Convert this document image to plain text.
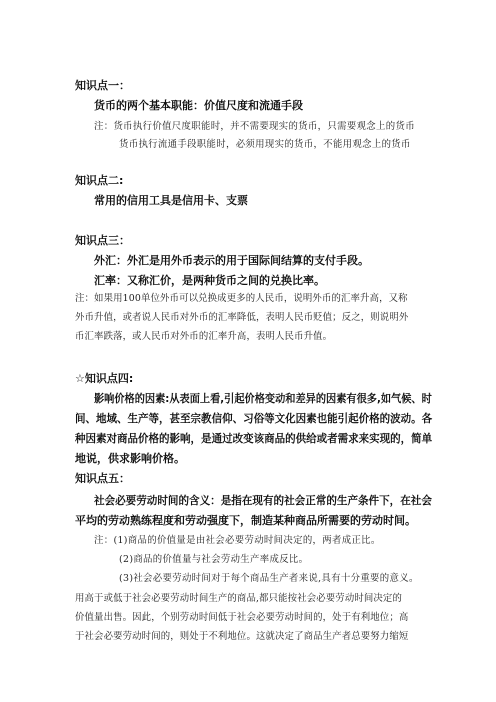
知识点一：
货币的两个基本职能：价值尺度和流通手段
注：货币执行价值尺度职能时，并不需要现实的货币，只需要观念上的货币
货币执行流通手段职能时，必须用现实的货币，不能用观念上的货币
知识点二:
常用的信用工具是信用卡、支票
知识点三：
外汇：外汇是用外币表示的用于国际间结算的支付手段。
汇率：又称汇价，是两种货币之间的兑换比率。
注：如果用100单位外币可以兑换成更多的人民币，说明外币的汇率升高，又称
外币升值，或者说人民币对外币的汇率降低，表明人民币贬值；反之，则说明外
币汇率跌落，或人民币对外币的汇率升高，表明人民币升值。
☆知识点四:
影响价格的因素:从表面上看,引起价格变动和差异的因素有很多,如气候、时
间、地域、生产等，甚至宗教信仰、习俗等文化因素也能引起价格的波动。各
种因素对商品价格的影响，是通过改变该商品的供给或者需求来实现的，简单
地说，供求影响价格。
知识点五：
社会必要劳动时间的含义：是指在现有的社会正常的生产条件下，在社会
平均的劳动熟练程度和劳动强度下，制造某种商品所需要的劳动时间。
注：(1)商品的价值量是由社会必要劳动时间决定的，两者成正比。
(2)商品的价值量与社会劳动生产率成反比。
(3)社会必要劳动时间对于每个商品生产者来说,具有十分重要的意义。
用高于或低于社会必要劳动时间生产的商品,都只能按社会必要劳动时间决定的
价值量出售。因此，个别劳动时间低于社会必要劳动时间的，处于有利地位；高
于社会必要劳动时间的，则处于不利地位。这就决定了商品生产者总要努力缩短
